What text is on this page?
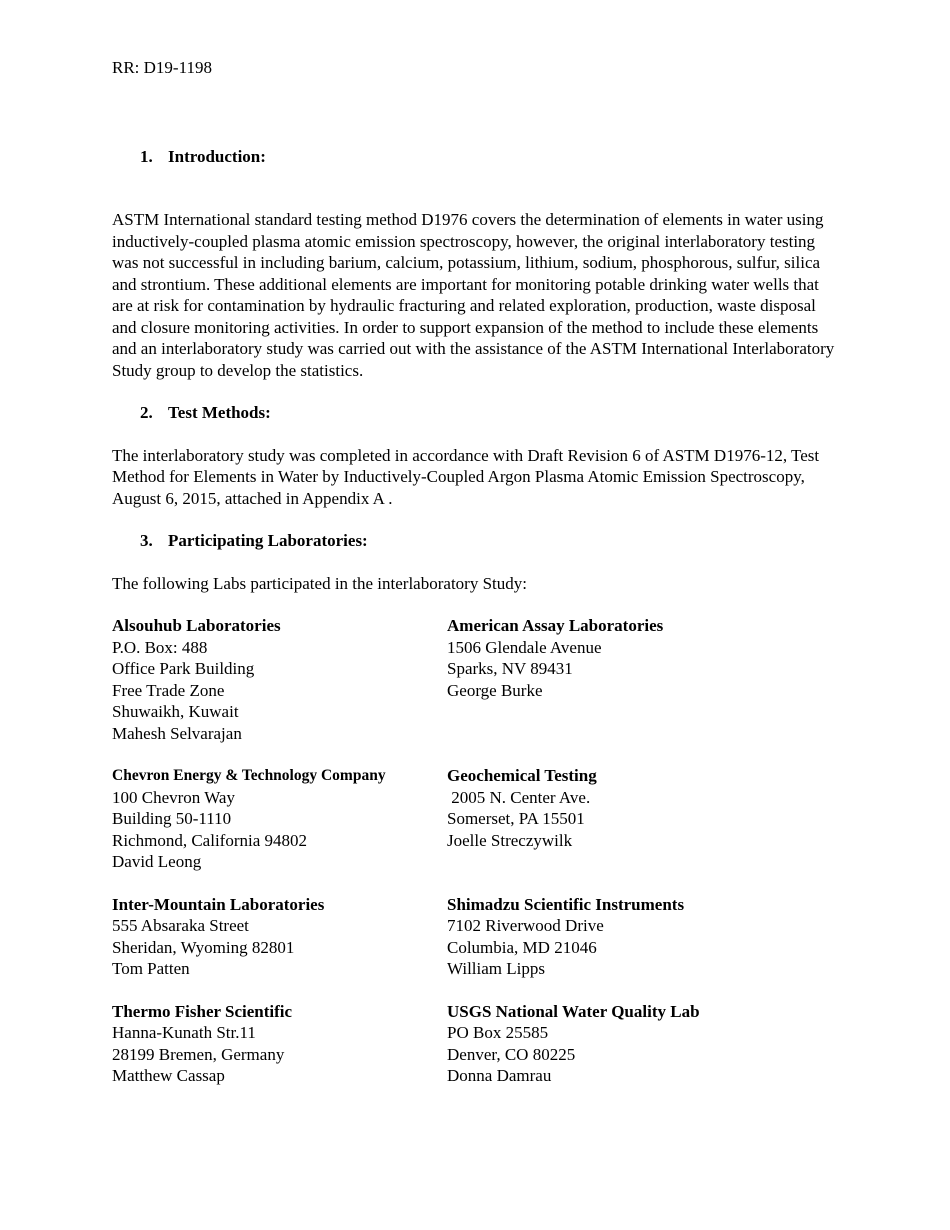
RR: D19-1198

1. Introduction:

ASTM International standard testing method D1976 covers the determination of elements in water using inductively-coupled plasma atomic emission spectroscopy, however, the original interlaboratory testing was not successful in including barium, calcium, potassium, lithium, sodium, phosphorous, sulfur, silica and strontium. These additional elements are important for monitoring potable drinking water wells that are at risk for contamination by hydraulic fracturing and related exploration, production, waste disposal and closure monitoring activities. In order to support expansion of the method to include these elements and an interlaboratory study was carried out with the assistance of the ASTM International Interlaboratory Study group to develop the statistics.

2. Test Methods:

The interlaboratory study was completed in accordance with Draft Revision 6 of ASTM D1976-12, Test Method for Elements in Water by Inductively-Coupled Argon Plasma Atomic Emission Spectroscopy, August 6, 2015, attached in Appendix A .

3. Participating Laboratories:

The following Labs participated in the interlaboratory Study:

Alsouhub Laboratories
P.O. Box: 488
Office Park Building
Free Trade Zone
Shuwaikh, Kuwait
Mahesh Selvarajan
American Assay Laboratories
1506 Glendale Avenue
Sparks, NV 89431
George Burke
Chevron Energy & Technology Company
100 Chevron Way
Building 50-1110
Richmond, California 94802
David Leong
Geochemical Testing
2005 N. Center Ave.
Somerset, PA 15501
Joelle Streczywilk
Inter-Mountain Laboratories
555 Absaraka Street
Sheridan, Wyoming 82801
Tom Patten
Shimadzu Scientific Instruments
7102 Riverwood Drive
Columbia, MD 21046
William Lipps
Thermo Fisher Scientific
Hanna-Kunath Str.11
28199 Bremen, Germany
Matthew Cassap
USGS National Water Quality Lab
PO Box 25585
Denver, CO 80225
Donna Damrau
